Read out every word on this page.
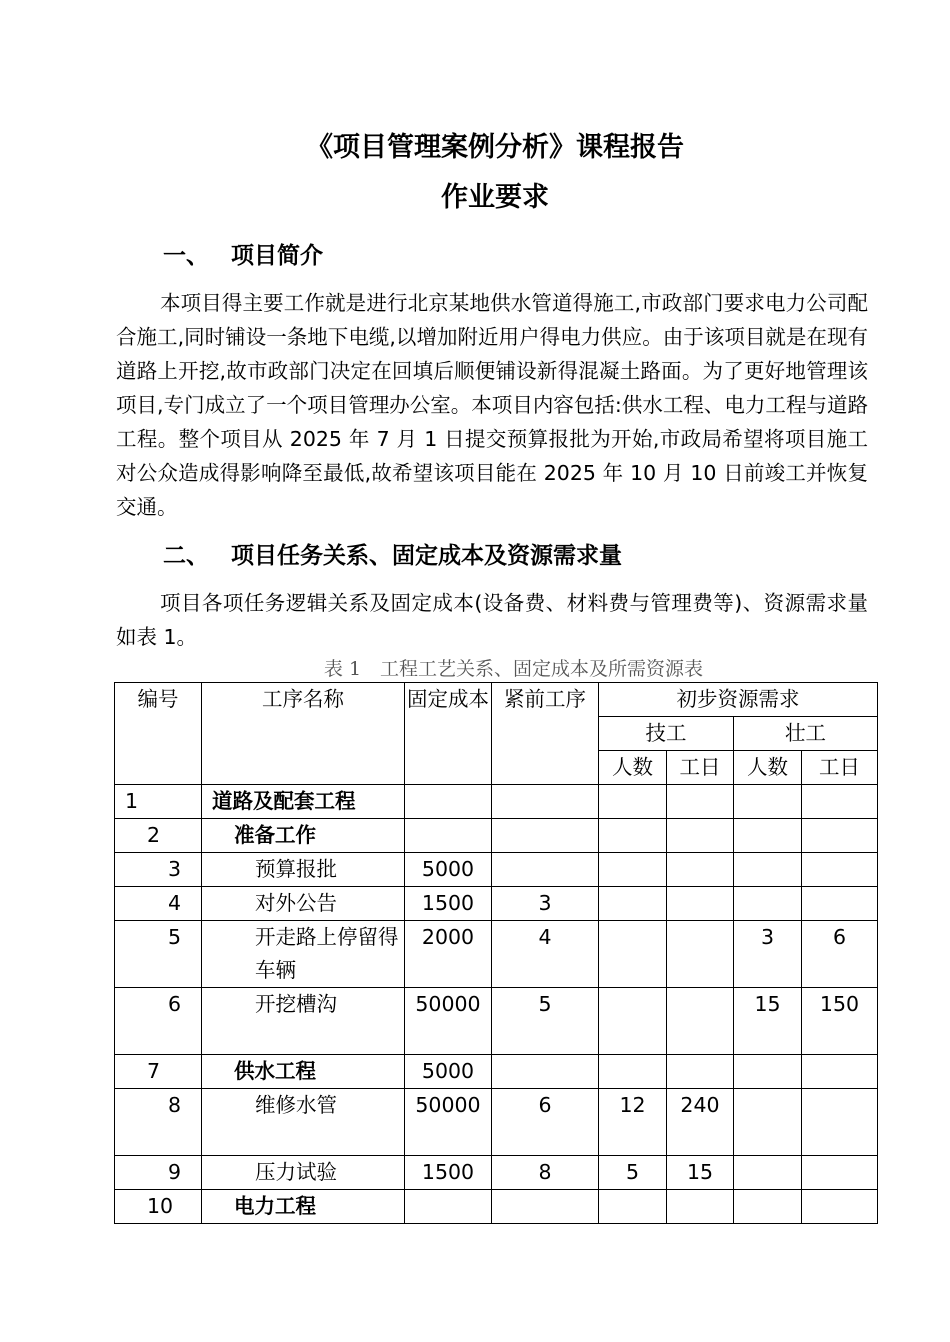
《项目管理案例分析》课程报告
作业要求
一、 项目简介

本项目得主要工作就是进行北京某地供水管道得施工,市政部门要求电力公司配合施工,同时铺设一条地下电缆,以增加附近用户得电力供应。由于该项目就是在现有道路上开挖,故市政部门决定在回填后顺便铺设新得混凝土路面。为了更好地管理该项目,专门成立了一个项目管理办公室。本项目内容包括:供水工程、电力工程与道路工程。整个项目从 2025 年 7 月 1 日提交预算报批为开始,市政局希望将项目施工对公众造成得影响降至最低,故希望该项目能在 2025 年 10 月 10 日前竣工并恢复交通。

二、 项目任务关系、固定成本及资源需求量

项目各项任务逻辑关系及固定成本(设备费、材料费与管理费等)、资源需求量如表 1。

表 1　工程工艺关系、固定成本及所需资源表
编号	工序名称	固定成本	紧前工序	初步资源需求			
				技工		壮工	
				人数	工日	人数	工日
1	道路及配套工程						
2	准备工作						
3	预算报批	5000					
4	对外公告	1500	3				
5	开走路上停留得车辆	2000	4			3	6
6	开挖槽沟	50000	5			15	150
7	供水工程	5000					
8	维修水管	50000	6	12	240		
9	压力试验	1500	8	5	15		
10	电力工程						
